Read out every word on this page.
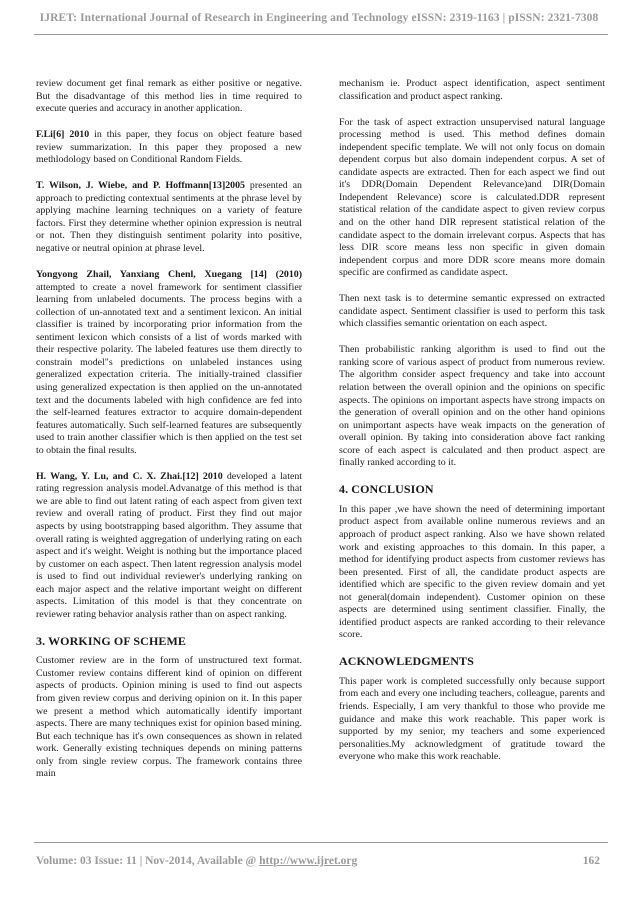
IJRET: International Journal of Research in Engineering and Technology eISSN: 2319-1163 | pISSN: 2321-7308

review document get final remark as either positive or negative. But the disadvantage of this method lies in time required to execute queries and accuracy in another application.

F.Li[6] 2010 in this paper, they focus on object feature based review summarization. In this paper they proposed a new methlodology based on Conditional Random Fields.

T. Wilson, J. Wiebe, and P. Hoffmann[13]2005 presented an approach to predicting contextual sentiments at the phrase level by applying machine learning techniques on a variety of feature factors. First they determine whether opinion expression is neutral or not. Then they distinguish sentiment polarity into positive, negative or neutral opinion at phrase level.

Yongyong Zhail, Yanxiang Chenl, Xuegang [14] (2010) attempted to create a novel framework for sentiment classifier learning from unlabeled documents. The process begins with a collection of un-annotated text and a sentiment lexicon. An initial classifier is trained by incorporating prior information from the sentiment lexicon which consists of a list of words marked with their respective polarity. The labeled features use them directly to constrain model"s predictions on unlabeled instances using generalized expectation criteria. The initially-trained classifier using generalized expectation is then applied on the un-annotated text and the documents labeled with high confidence are fed into the self-learned features extractor to acquire domain-dependent features automatically. Such self-learned features are subsequently used to train another classifier which is then applied on the test set to obtain the final results.

H. Wang, Y. Lu, and C. X. Zhai.[12] 2010 developed a latent rating regression analysis model.Advanatge of this method is that we are able to find out latent rating of each aspect from given text review and overall rating of product. First they find out major aspects by using bootstrapping based algorithm. They assume that overall rating is weighted aggregation of underlying rating on each aspect and it's weight. Weight is nothing but the importance placed by customer on each aspect. Then latent regression analysis model is used to find out individual reviewer's underlying ranking on each major aspect and the relative important weight on different aspects. Limitation of this model is that they concentrate on reviewer rating behavior analysis rather than on aspect ranking.

3. WORKING OF SCHEME

Customer review are in the form of unstructured text format. Customer review contains different kind of opinion on different aspects of products. Opinion mining is used to find out aspects from given review corpus and deriving opinion on it. In this paper we present a method which automatically identify important aspects. There are many techniques exist for opinion based mining. But each technique has it's own consequences as shown in related work. Generally existing techniques depends on mining patterns only from single review corpus. The framework contains three main

mechanism ie. Product aspect identification, aspect sentiment classification and product aspect ranking.

For the task of aspect extraction unsupervised natural language processing method is used. This method defines domain independent specific template. We will not only focus on domain dependent corpus but also domain independent corpus. A set of candidate aspects are extracted. Then for each aspect we find out it's DDR(Domain Dependent Relevance)and DIR(Domain Independent Relevance) score is calculated.DDR represent statistical relation of the candidate aspect to given review corpus and on the other hand DIR represent statistical relation of the candidate aspect to the domain irrelevant corpus. Aspects that has less DIR score means less non specific in given domain independent corpus and more DDR score means more domain specific are confirmed as candidate aspect.

Then next task is to determine semantic expressed on extracted candidate aspect. Sentiment classifier is used to perform this task which classifies semantic orientation on each aspect.

Then probabilistic ranking algorithm is used to find out the ranking score of various aspect of product from numerous review. The algorithm consider aspect frequency and take into account relation between the overall opinion and the opinions on specific aspects. The opinions on important aspects have strong impacts on the generation of overall opinion and on the other hand opinions on unimportant aspects have weak impacts on the generation of overall opinion. By taking into consideration above fact ranking score of each aspect is calculated and then product aspect are finally ranked according to it.

4. CONCLUSION

In this paper ,we have shown the need of determining important product aspect from available online numerous reviews and an approach of product aspect ranking. Also we have shown related work and existing approaches to this domain. In this paper, a method for identifying product aspects from customer reviews has been presented. First of all, the candidate product aspects are identified which are specific to the given review domain and yet not general(domain independent). Customer opinion on these aspects are determined using sentiment classifier. Finally, the identified product aspects are ranked according to their relevance score.

ACKNOWLEDGMENTS

This paper work is completed successfully only because support from each and every one including teachers, colleague, parents and friends. Especially, I am very thankful to those who provide me guidance and make this work reachable. This paper work is supported by my senior, my teachers and some experienced personalities.My acknowledgment of gratitude toward the everyone who make this work reachable.

Volume: 03 Issue: 11 | Nov-2014, Available @ http://www.ijret.org	162
